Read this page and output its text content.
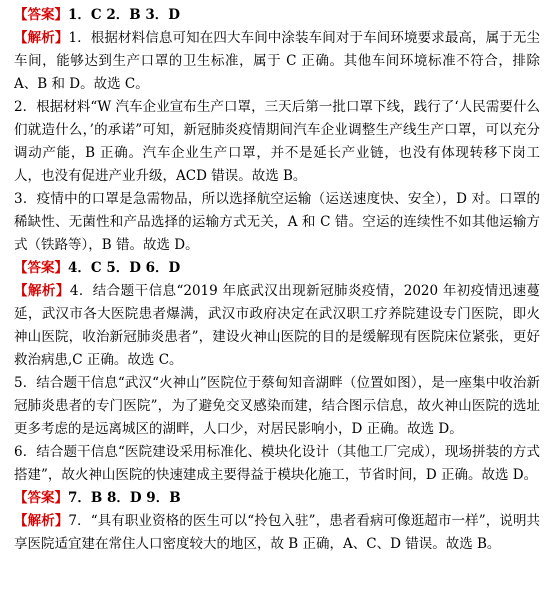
【答案】1．C 2．B 3．D

【解析】1．根据材料信息可知在四大车间中涂装车间对于车间环境要求最高，属于无尘车间，能够达到生产口罩的卫生标准，属于 C 正确。其他车间环境标准不符合，排除 A、B 和 D。故选 C。

2．根据材料“W 汽车企业宣布生产口罩，三天后第一批口罩下线，践行了‘人民需要什么们就造什么，’的承诺”可知，新冠肺炎疫情期间汽车企业调整生产线生产口罩，可以充分调动产能，B 正确。汽车企业生产口罩，并不是延长产业链，也没有体现转移下岗工人，也没有促进产业升级，ACD 错误。故选 B。

3．疫情中的口罩是急需物品，所以选择航空运输（运送速度快、安全），D 对。口罩的稀缺性、无菌性和产品选择的运输方式无关，A 和 C 错。空运的连续性不如其他运输方式（铁路等），B 错。故选 D。

【答案】4．C 5．D 6．D

【解析】4．结合题干信息“2019 年底武汉出现新冠肺炎疫情，2020 年初疫情迅速蔓延，武汉市各大医院患者爆满，武汉市政府决定在武汉职工疗养院建设专门医院，即火神山医院，收治新冠肺炎患者”，建设火神山医院的目的是缓解现有医院床位紧张，更好救治病患,C 正确。故选 C。

5．结合题干信息“武汉“火神山”医院位于蔡甸知音湖畔（位置如图），是一座集中收治新冠肺炎患者的专门医院”，为了避免交叉感染而建，结合图示信息，故火神山医院的选址更多考虑的是远离城区的湖畔，人口少，对居民影响小，D 正确。故选 D。

6．结合题干信息“医院建设采用标准化、模块化设计（其他工厂完成），现场拼装的方式搭建”，故火神山医院的快速建成主要得益于模块化施工，节省时间，D 正确。故选 D。

【答案】7．B 8．D 9．B

【解析】7．“具有职业资格的医生可以“拎包入驻”，患者看病可像逛超市一样”，说明共享医院适宜建在常住人口密度较大的地区，故 B 正确，A、C、D 错误。故选 B。
